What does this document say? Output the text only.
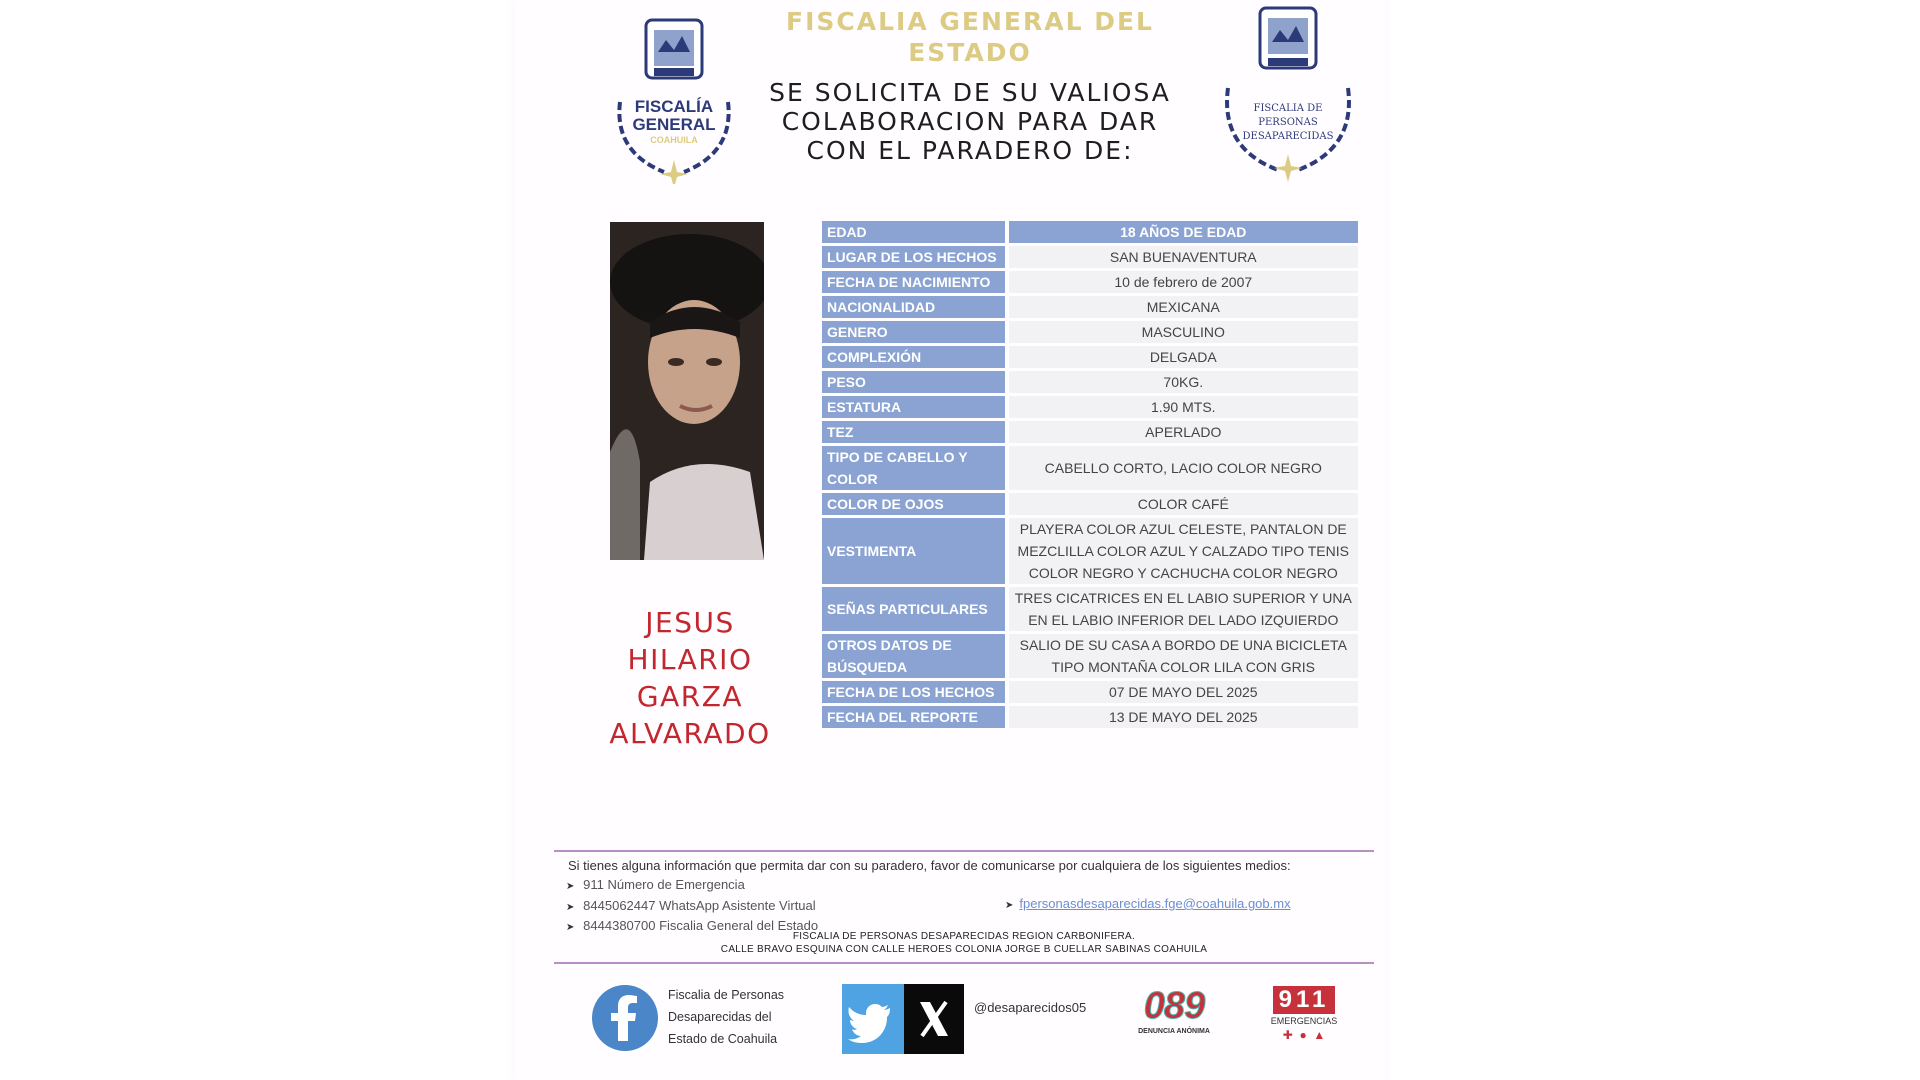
FISCALÍA
GENERAL
COAHUILA
FISCALIA DE
PERSONAS
DESAPARECIDAS
FISCALIA GENERAL DEL ESTADO
SE SOLICITA DE SU VALIOSA COLABORACION PARA DAR CON EL PARADERO DE:
JESUS
HILARIO
GARZA
ALVARADO
EDAD	18 AÑOS DE EDAD
LUGAR DE LOS HECHOS	SAN BUENAVENTURA
FECHA DE NACIMIENTO	10 de febrero de 2007
NACIONALIDAD	MEXICANA
GENERO	MASCULINO
COMPLEXIÓN	DELGADA
PESO	70KG.
ESTATURA	1.90 MTS.
TEZ	APERLADO
TIPO DE CABELLO Y COLOR	CABELLO CORTO, LACIO COLOR NEGRO
COLOR DE OJOS	COLOR CAFÉ
VESTIMENTA	PLAYERA COLOR AZUL CELESTE, PANTALON DE MEZCLILLA COLOR AZUL Y CALZADO TIPO TENIS COLOR NEGRO Y CACHUCHA COLOR NEGRO
SEÑAS PARTICULARES	TRES CICATRICES EN EL LABIO SUPERIOR Y UNA EN EL LABIO INFERIOR DEL LADO IZQUIERDO
OTROS DATOS DE BÚSQUEDA	SALIO DE SU CASA A BORDO DE UNA BICICLETA TIPO MONTAÑA COLOR LILA CON GRIS
FECHA DE LOS HECHOS	07 DE MAYO DEL 2025
FECHA DEL REPORTE	13 DE MAYO DEL 2025
Si tienes alguna información que permita dar con su paradero, favor de comunicarse por cualquiera de los siguientes medios:
➤ 911 Número de Emergencia
➤ 8445062447 WhatsApp Asistente Virtual
➤ 8444380700 Fiscalia General del Estado
➤ fpersonasdesaparecidas.fge@coahuila.gob.mx
FISCALIA DE PERSONAS DESAPARECIDAS REGION CARBONIFERA.
CALLE BRAVO ESQUINA CON CALLE HEROES COLONIA JORGE B CUELLAR SABINAS COAHUILA
Fiscalia de Personas
Desaparecidas del
Estado de Coahuila
@desaparecidos05	089
DENUNCIA ANÓNIMA
911
EMERGENCIAS
✚  ●  ▲
